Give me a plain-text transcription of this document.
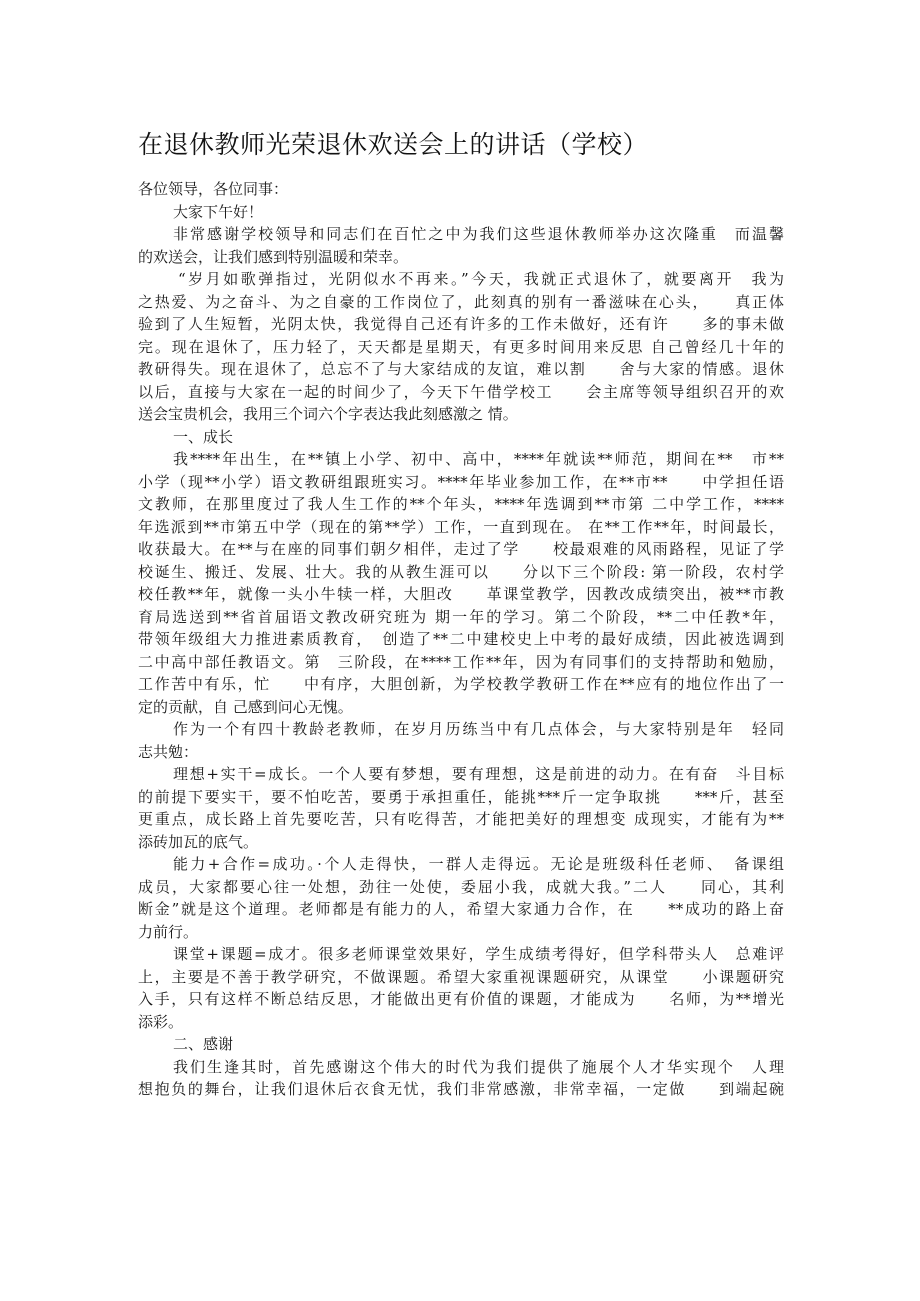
在退休教师光荣退休欢送会上的讲话（学校）
各位领导，各位同事：
大家下午好！
非常感谢学校领导和同志们在百忙之中为我们这些退休教师举办这次隆重　而温馨
的欢送会，让我们感到特别温暖和荣幸。
“岁月如歌弹指过，光阴似水不再来。”今天，我就正式退休了，就要离开　我为
之热爱、为之奋斗、为之自豪的工作岗位了，此刻真的别有一番滋味在心头，　　真正体
验到了人生短暂，光阴太快，我觉得自己还有许多的工作未做好，还有许　　多的事未做
完。现在退休了，压力轻了，天天都是星期天，有更多时间用来反思 自己曾经几十年的
教研得失。现在退休了，总忘不了与大家结成的友谊，难以割　　舍与大家的情感。退休
以后，直接与大家在一起的时间少了，今天下午借学校工　　会主席等领导组织召开的欢
送会宝贵机会，我用三个词六个字表达我此刻感激之 情。
一、成长
我****年出生，在**镇上小学、初中、高中，****年就读**师范，期间在**　市**
小学（现**小学）语文教研组跟班实习。****年毕业参加工作，在**市**　　中学担任语
文教师，在那里度过了我人生工作的**个年头，****年选调到**市第 二中学工作，****
年选派到**市第五中学（现在的第**学）工作，一直到现在。 在**工作**年，时间最长，
收获最大。在**与在座的同事们朝夕相伴，走过了学　　校最艰难的风雨路程，见证了学
校诞生、搬迁、发展、壮大。我的从教生涯可以　　分以下三个阶段: 第一阶段，农村学
校任教**年，就像一头小牛犊一样，大胆改　　革课堂教学，因教改成绩突出，被**市教
育局选送到**省首届语文教改研究班为 期一年的学习。第二个阶段，**二中任教*年，
带领年级组大力推进素质教育，　创造了**二中建校史上中考的最好成绩，因此被选调到
二中高中部任教语文。第　三阶段，在****工作**年，因为有同事们的支持帮助和勉励，
工作苦中有乐，忙　　中有序，大胆创新，为学校教学教研工作在**应有的地位作出了一
定的贡献，自 己感到问心无愧。
作为一个有四十教龄老教师，在岁月历练当中有几点体会，与大家特别是年　轻同
志共勉：
理想+实干=成长。一个人要有梦想，要有理想，这是前进的动力。在有奋　斗目标
的前提下要实干，要不怕吃苦，要勇于承担重任，能挑***斤一定争取挑　　***斤，甚至
更重点，成长路上首先要吃苦，只有吃得苦，才能把美好的理想变 成现实，才能有为**
添砖加瓦的底气。
能力+合作=成功。·个人走得快，一群人走得远。无论是班级科任老师、　备课组
成员，大家都要心往一处想，劲往一处使，委屈小我，成就大我。”二人　　同心，其利
断金”就是这个道理。老师都是有能力的人，希望大家通力合作，在　　**成功的路上奋
力前行。
课堂+课题=成才。很多老师课堂效果好，学生成绩考得好，但学科带头人　总难评
上，主要是不善于教学研究，不做课题。希望大家重视课题研究，从课堂　　小课题研究
入手，只有这样不断总结反思，才能做出更有价值的课题，才能成为　　名师，为**增光
添彩。
二、感谢
我们生逢其时，首先感谢这个伟大的时代为我们提供了施展个人才华实现个　人理
想抱负的舞台，让我们退休后衣食无忧，我们非常感激，非常幸福，一定做　　到端起碗
